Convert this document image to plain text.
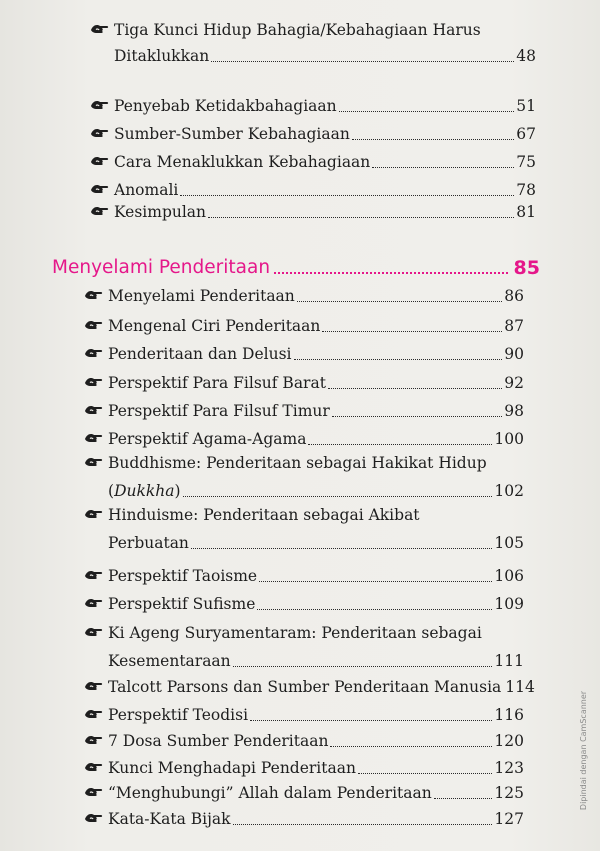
Tiga Kunci Hidup Bahagia/Kebahagiaan Harus
Ditaklukkan	48
Penyebab Ketidakbahagiaan	51
Sumber-Sumber Kebahagiaan	67
Cara Menaklukkan Kebahagiaan	75
Anomali	78
Kesimpulan	81
Menyelami Penderitaan	85
Menyelami Penderitaan	86
Mengenal Ciri Penderitaan	87
Penderitaan dan Delusi	90
Perspektif Para Filsuf Barat	92
Perspektif Para Filsuf Timur	98
Perspektif Agama-Agama	100
Buddhisme: Penderitaan sebagai Hakikat Hidup
(Dukkha)	102
Hinduisme: Penderitaan sebagai Akibat
Perbuatan	105
Perspektif Taoisme	106
Perspektif Sufisme	109
Ki Ageng Suryamentaram: Penderitaan sebagai
Kesementaraan	111
Talcott Parsons dan Sumber Penderitaan Manusia 114
Perspektif Teodisi	116
7 Dosa Sumber Penderitaan	120
Kunci Menghadapi Penderitaan	123
“Menghubungi” Allah dalam Penderitaan	125
Kata-Kata Bijak	127
Dipindai dengan CamScanner
